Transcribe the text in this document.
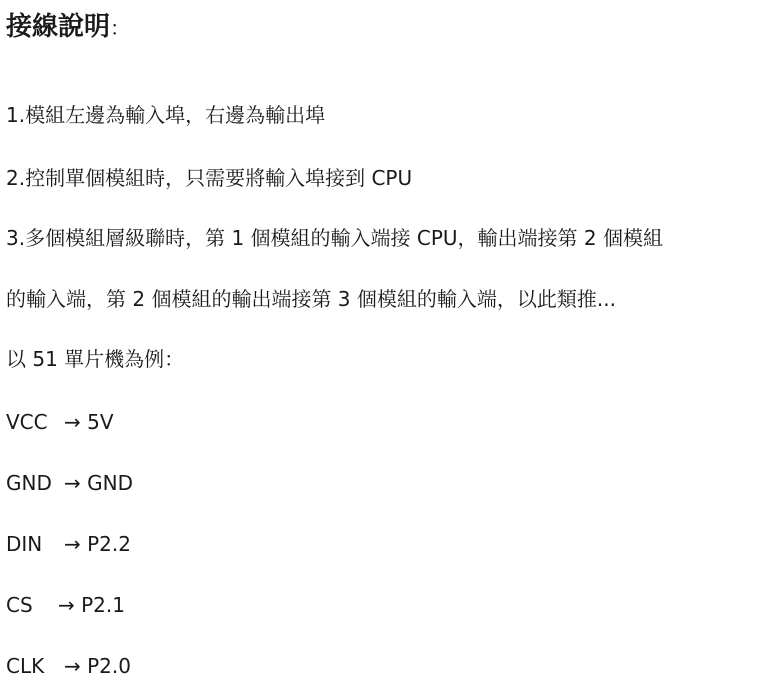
接線說明：
1.模組左邊為輸入埠，右邊為輸出埠
2.控制單個模組時，只需要將輸入埠接到 CPU
3.多個模組層級聯時，第 1 個模組的輸入端接 CPU，輸出端接第 2 個模組
的輸入端，第 2 個模組的輸出端接第 3 個模組的輸入端，以此類推...
以 51 單片機為例：
VCC → 5V
GND → GND
DIN → P2.2
CS → P2.1
CLK → P2.0
